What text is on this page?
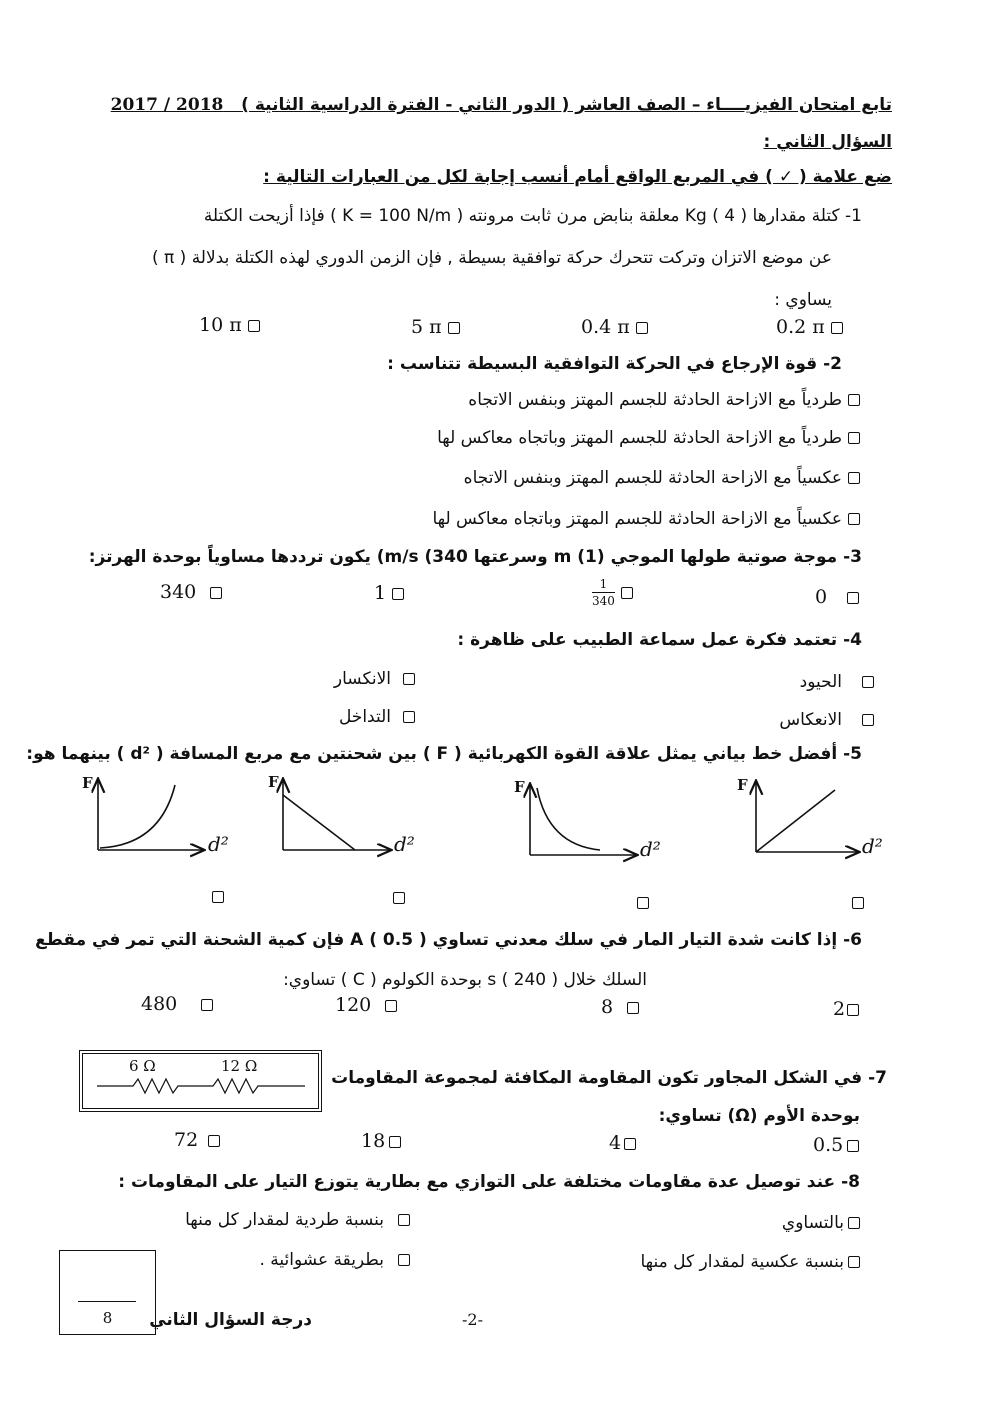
تابع امتحان الفيزيــــاء – الصف العاشر ( الدور الثاني - الفترة الدراسية الثانية )   2018 / 2017
السؤال الثاني :
ضع علامة ( ✓ ) في المربع الواقع أمام أنسب إجابة لكل من العبارات التالية :
1- كتلة مقدارها Kg ( 4 ) معلقة بنابض مرن ثابت مرونته ( K = 100 N/m ) فإذا أزيحت الكتلة
عن موضع الاتزان وتركت تتحرك حركة توافقية بسيطة , فإن الزمن الدوري لهذه الكتلة بدلالة ( π )
يساوي :
0.2 π
0.4 π
5 π
10 π
2- قوة الإرجاع في الحركة التوافقية البسيطة تتناسب :
طردياً مع الازاحة الحادثة للجسم المهتز وبنفس الاتجاه
طردياً مع الازاحة الحادثة للجسم المهتز وباتجاه معاكس لها
عكسياً مع الازاحة الحادثة للجسم المهتز وبنفس الاتجاه
عكسياً مع الازاحة الحادثة للجسم المهتز وباتجاه معاكس لها
3- موجة صوتية طولها الموجي m (1) وسرعتها 340) m/s) يكون ترددها مساوياً بوحدة الهرتز:
0
$\frac{1}{340}$
1
340
4- تعتمد فكرة عمل سماعة الطبيب على ظاهرة :
الحيود
الانكسار
الانعكاس
التداخل
5- أفضل خط بياني يمثل علاقة القوة الكهربائية ( F ) بين شحنتين مع مربع المسافة ( d² ) بينهما هو:
F
d²
F
d²
F
d²
F
d²
6- إذا كانت شدة التيار المار في سلك معدني تساوي A ( 0.5 ) فإن كمية الشحنة التي تمر في مقطع
السلك خلال s ( 240 ) بوحدة الكولوم ( C ) تساوي:
2
8
120
480
6 Ω	12 Ω
7- في الشكل المجاور تكون المقاومة المكافئة لمجموعة المقاومات
بوحدة الأوم (Ω) تساوي:
0.5
4
18
72
8- عند توصيل عدة مقاومات مختلفة على التوازي مع بطارية يتوزع التيار على المقاومات :
بالتساوي
بنسبة طردية لمقدار كل منها
بنسبة عكسية لمقدار كل منها
بطريقة عشوائية .
8	درجة السؤال الثاني	-2-
